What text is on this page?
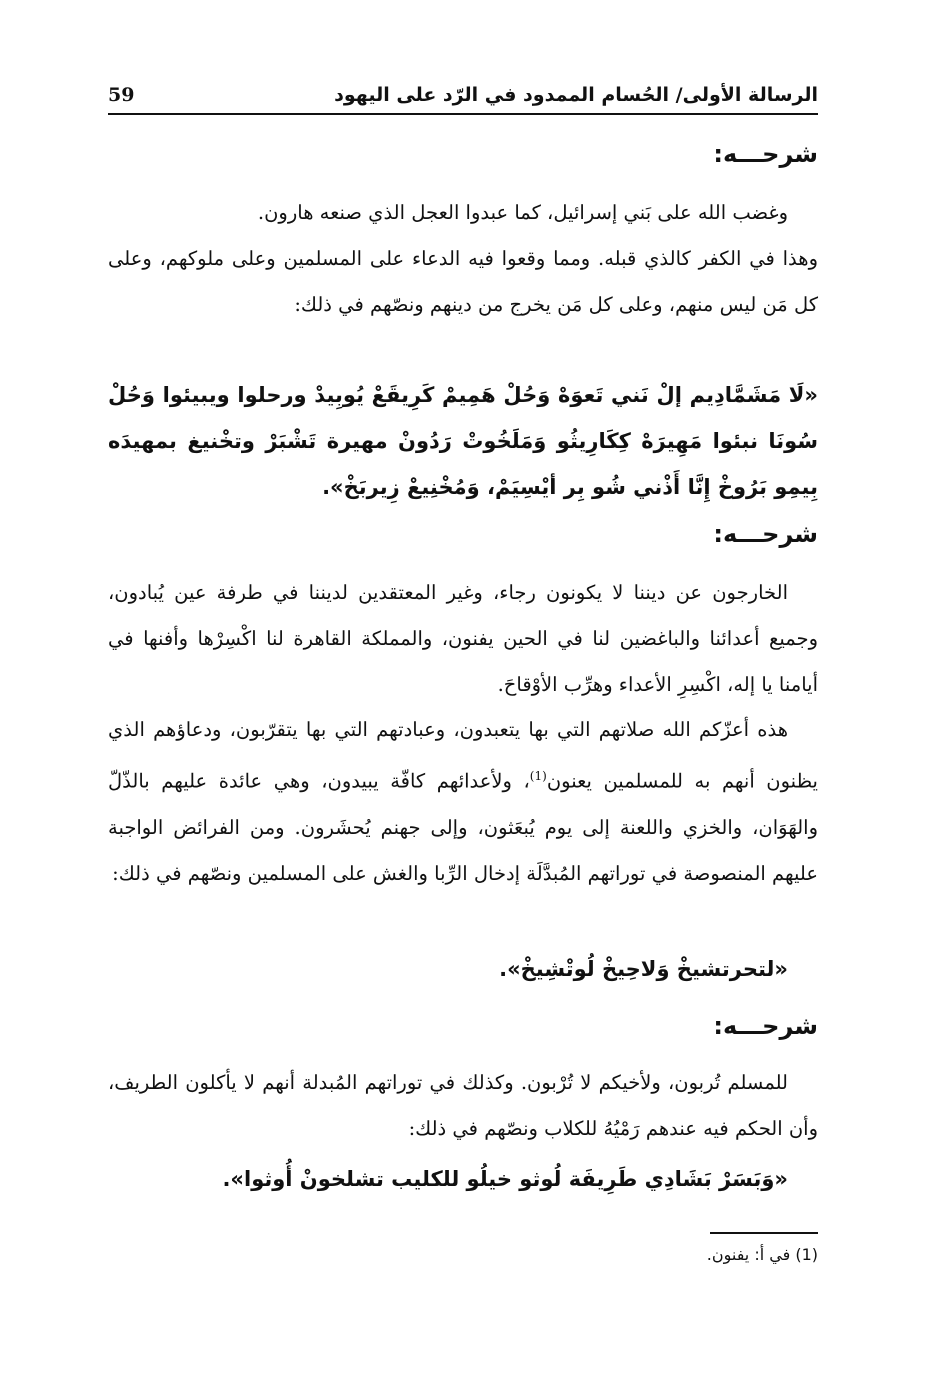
الرسالة الأولى/ الحُسام الممدود في الرّد على اليهود
59
شرحـــه:
وغضب الله على بَني إسرائيل، كما عبدوا العجل الذي صنعه هارون.
وهذا في الكفر كالذي قبله. ومما وقعوا فيه الدعاء على المسلمين وعلى ملوكهم، وعلى كل مَن ليس منهم، وعلى كل مَن يخرج من دينهم ونصّهم في ذلك:
«لَا مَشَمَّادِيم إلْ نَني تَعوَهْ وَحُلْ هَمِيمْ كَرِيقَعْ يُوبِيدْ ورحلوا ويبيئوا وَحُلْ سُونَا نبئوا مَهِيرَهْ كِكَارِيثُو وَمَلَخُوتْ رَدُونْ مهيرة تَشْبَرْ وتخْنيغ بمهيدَه بِيمِو بَرُوخْ إِنَّا أَذْني شُو بِر أيْسِيَمْ، وَمُخْنِيعْ زِيربَخْ».
شرحـــه:
الخارجون عن ديننا لا يكونون رجاء، وغير المعتقدين لديننا في طرفة عين يُبادون، وجميع أعدائنا والباغضين لنا في الحين يفنون، والمملكة القاهرة لنا اكْسِرْها وأفنها في أيامنا يا إله، اكْسِرِ الأعداء وهرِّب الأوْقاحَ.
هذه أعزّكم الله صلاتهم التي بها يتعبدون، وعبادتهم التي بها يتقرّبون، ودعاؤهم الذي يظنون أنهم به للمسلمين يعنون$^{(1)}$، ولأعدائهم كافّة يبيدون، وهي عائدة عليهم بالذّلّ والهَوَان، والخزي واللعنة إلى يوم يُبعَثون، وإلى جهنم يُحشَرون. ومن الفرائض الواجبة عليهم المنصوصة في توراتهم المُبدَّلَة إدخال الرِّبا والغش على المسلمين ونصّهم في ذلك:
«لتحرتشيخْ وَلاحِيخْ لُوتْشِيخْ».
شرحـــه:
للمسلم تُربون، ولأخيكم لا تُرْبون. وكذلك في توراتهم المُبدلة أنهم لا يأكلون الطريف، وأن الحكم فيه عندهم رَمْيُهُ للكلاب ونصّهم في ذلك:
«وَبَسَرْ بَشَادِي طَرِيفَة لُوثو خيلُو للكليب تشلخونْ أُوثوا».
(1) في أ: يفنون.
